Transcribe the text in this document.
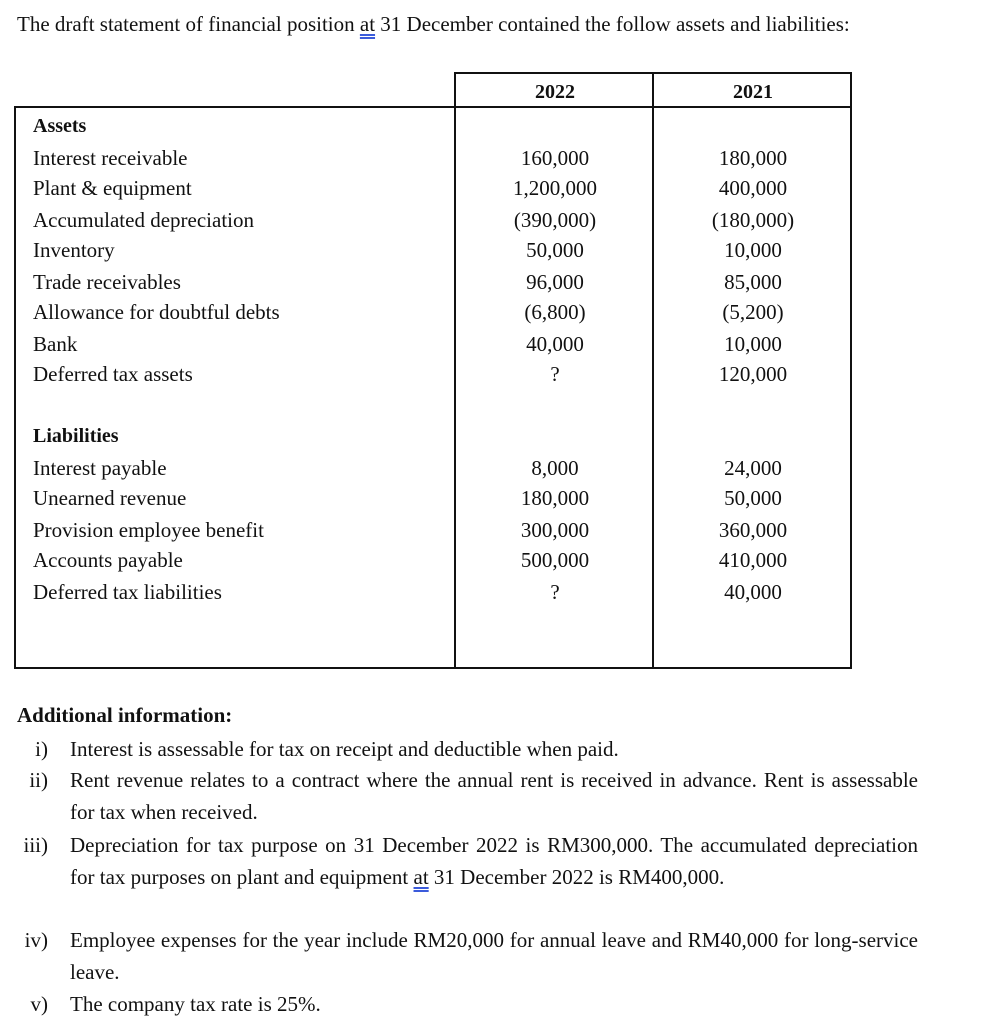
The draft statement of financial position at 31 December contained the follow assets and liabilities:
2022	2021
Assets
Interest receivable	160,000	180,000
Plant & equipment	1,200,000	400,000
Accumulated depreciation	(390,000)	(180,000)
Inventory	50,000	10,000
Trade receivables	96,000	85,000
Allowance for doubtful debts	(6,800)	(5,200)
Bank	40,000	10,000
Deferred tax assets	?	120,000
Liabilities
Interest payable	8,000	24,000
Unearned revenue	180,000	50,000
Provision employee benefit	300,000	360,000
Accounts payable	500,000	410,000
Deferred tax liabilities	?	40,000
Additional information:
i) Interest is assessable for tax on receipt and deductible when paid.
ii) Rent revenue relates to a contract where the annual rent is received in advance. Rent is assessable for tax when received.
iii) Depreciation for tax purpose on 31 December 2022 is RM300,000. The accumulated depreciation for tax purposes on plant and equipment at 31 December 2022 is RM400,000.
iv) Employee expenses for the year include RM20,000 for annual leave and RM40,000 for long-service leave.
v) The company tax rate is 25%.
